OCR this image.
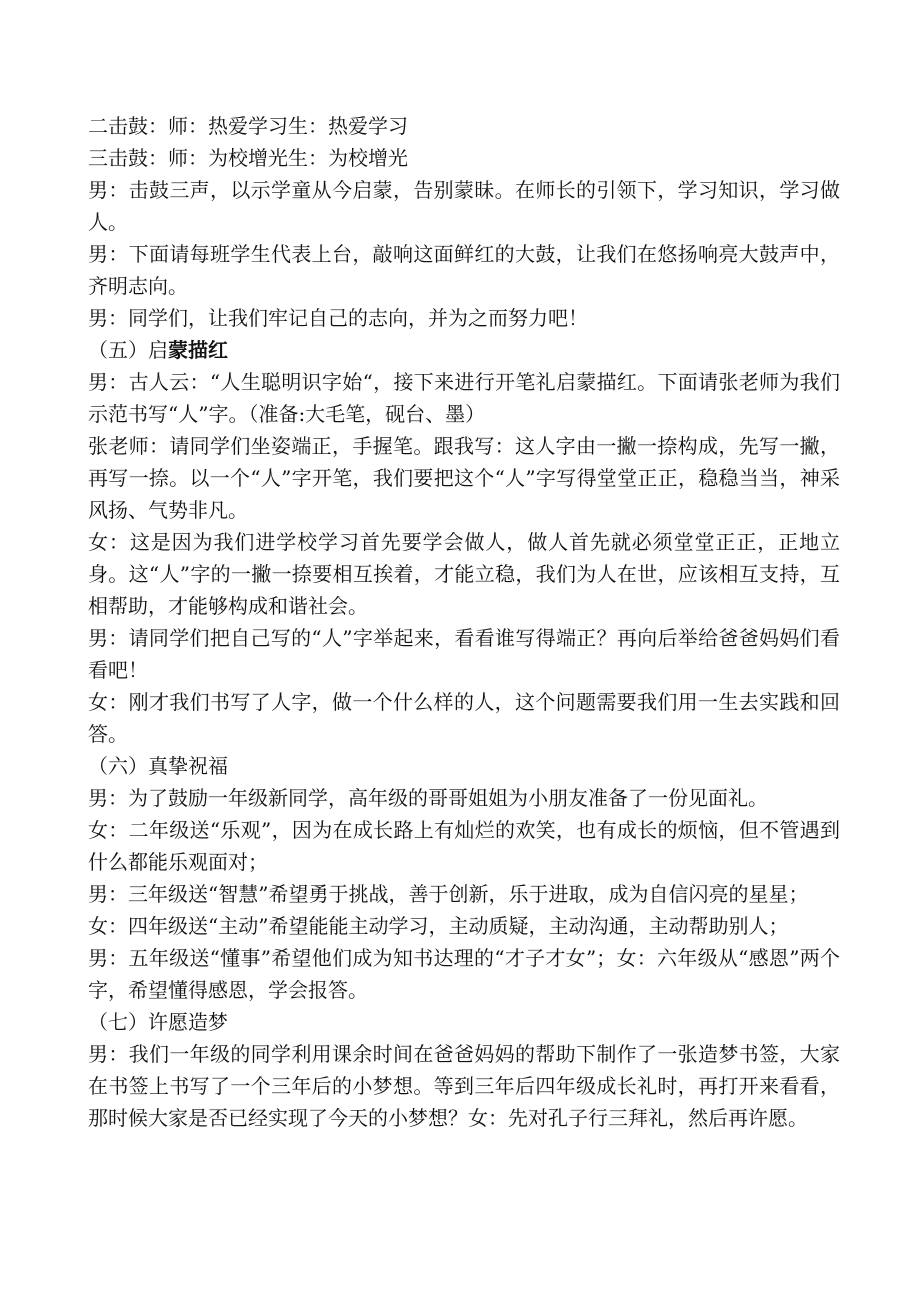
二击鼓：师：热爱学习生：热爱学习

三击鼓：师：为校增光生：为校增光

男：击鼓三声，以示学童从今启蒙，告别蒙昧。在师长的引领下，学习知识，学习做人。

男：下面请每班学生代表上台，敲响这面鲜红的大鼓，让我们在悠扬响亮大鼓声中，齐明志向。

男：同学们，让我们牢记自己的志向，并为之而努力吧！

（五）启蒙描红

男：古人云：“人生聪明识字始“，接下来进行开笔礼启蒙描红。下面请张老师为我们示范书写“人”字。（准备:大毛笔，砚台、墨）

张老师：请同学们坐姿端正，手握笔。跟我写：这人字由一撇一捺构成，先写一撇，再写一捺。以一个“人”字开笔，我们要把这个“人”字写得堂堂正正，稳稳当当，神采风扬、气势非凡。

女：这是因为我们进学校学习首先要学会做人，做人首先就必须堂堂正正，正地立身。这“人”字的一撇一捺要相互挨着，才能立稳，我们为人在世，应该相互支持，互相帮助，才能够构成和谐社会。

男：请同学们把自己写的“人”字举起来，看看谁写得端正？再向后举给爸爸妈妈们看看吧！

女：刚才我们书写了人字，做一个什么样的人，这个问题需要我们用一生去实践和回答。

（六）真挚祝福

男：为了鼓励一年级新同学，高年级的哥哥姐姐为小朋友准备了一份见面礼。

女：二年级送“乐观”，因为在成长路上有灿烂的欢笑，也有成长的烦恼，但不管遇到什么都能乐观面对；

男：三年级送“智慧”希望勇于挑战，善于创新，乐于进取，成为自信闪亮的星星；

女：四年级送“主动”希望能能主动学习，主动质疑，主动沟通，主动帮助别人；

男：五年级送“懂事”希望他们成为知书达理的“才子才女”；女：六年级从“感恩”两个字，希望懂得感恩，学会报答。

（七）许愿造梦

男：我们一年级的同学利用课余时间在爸爸妈妈的帮助下制作了一张造梦书签，大家在书签上书写了一个三年后的小梦想。等到三年后四年级成长礼时，再打开来看看，那时候大家是否已经实现了今天的小梦想？女：先对孔子行三拜礼，然后再许愿。
